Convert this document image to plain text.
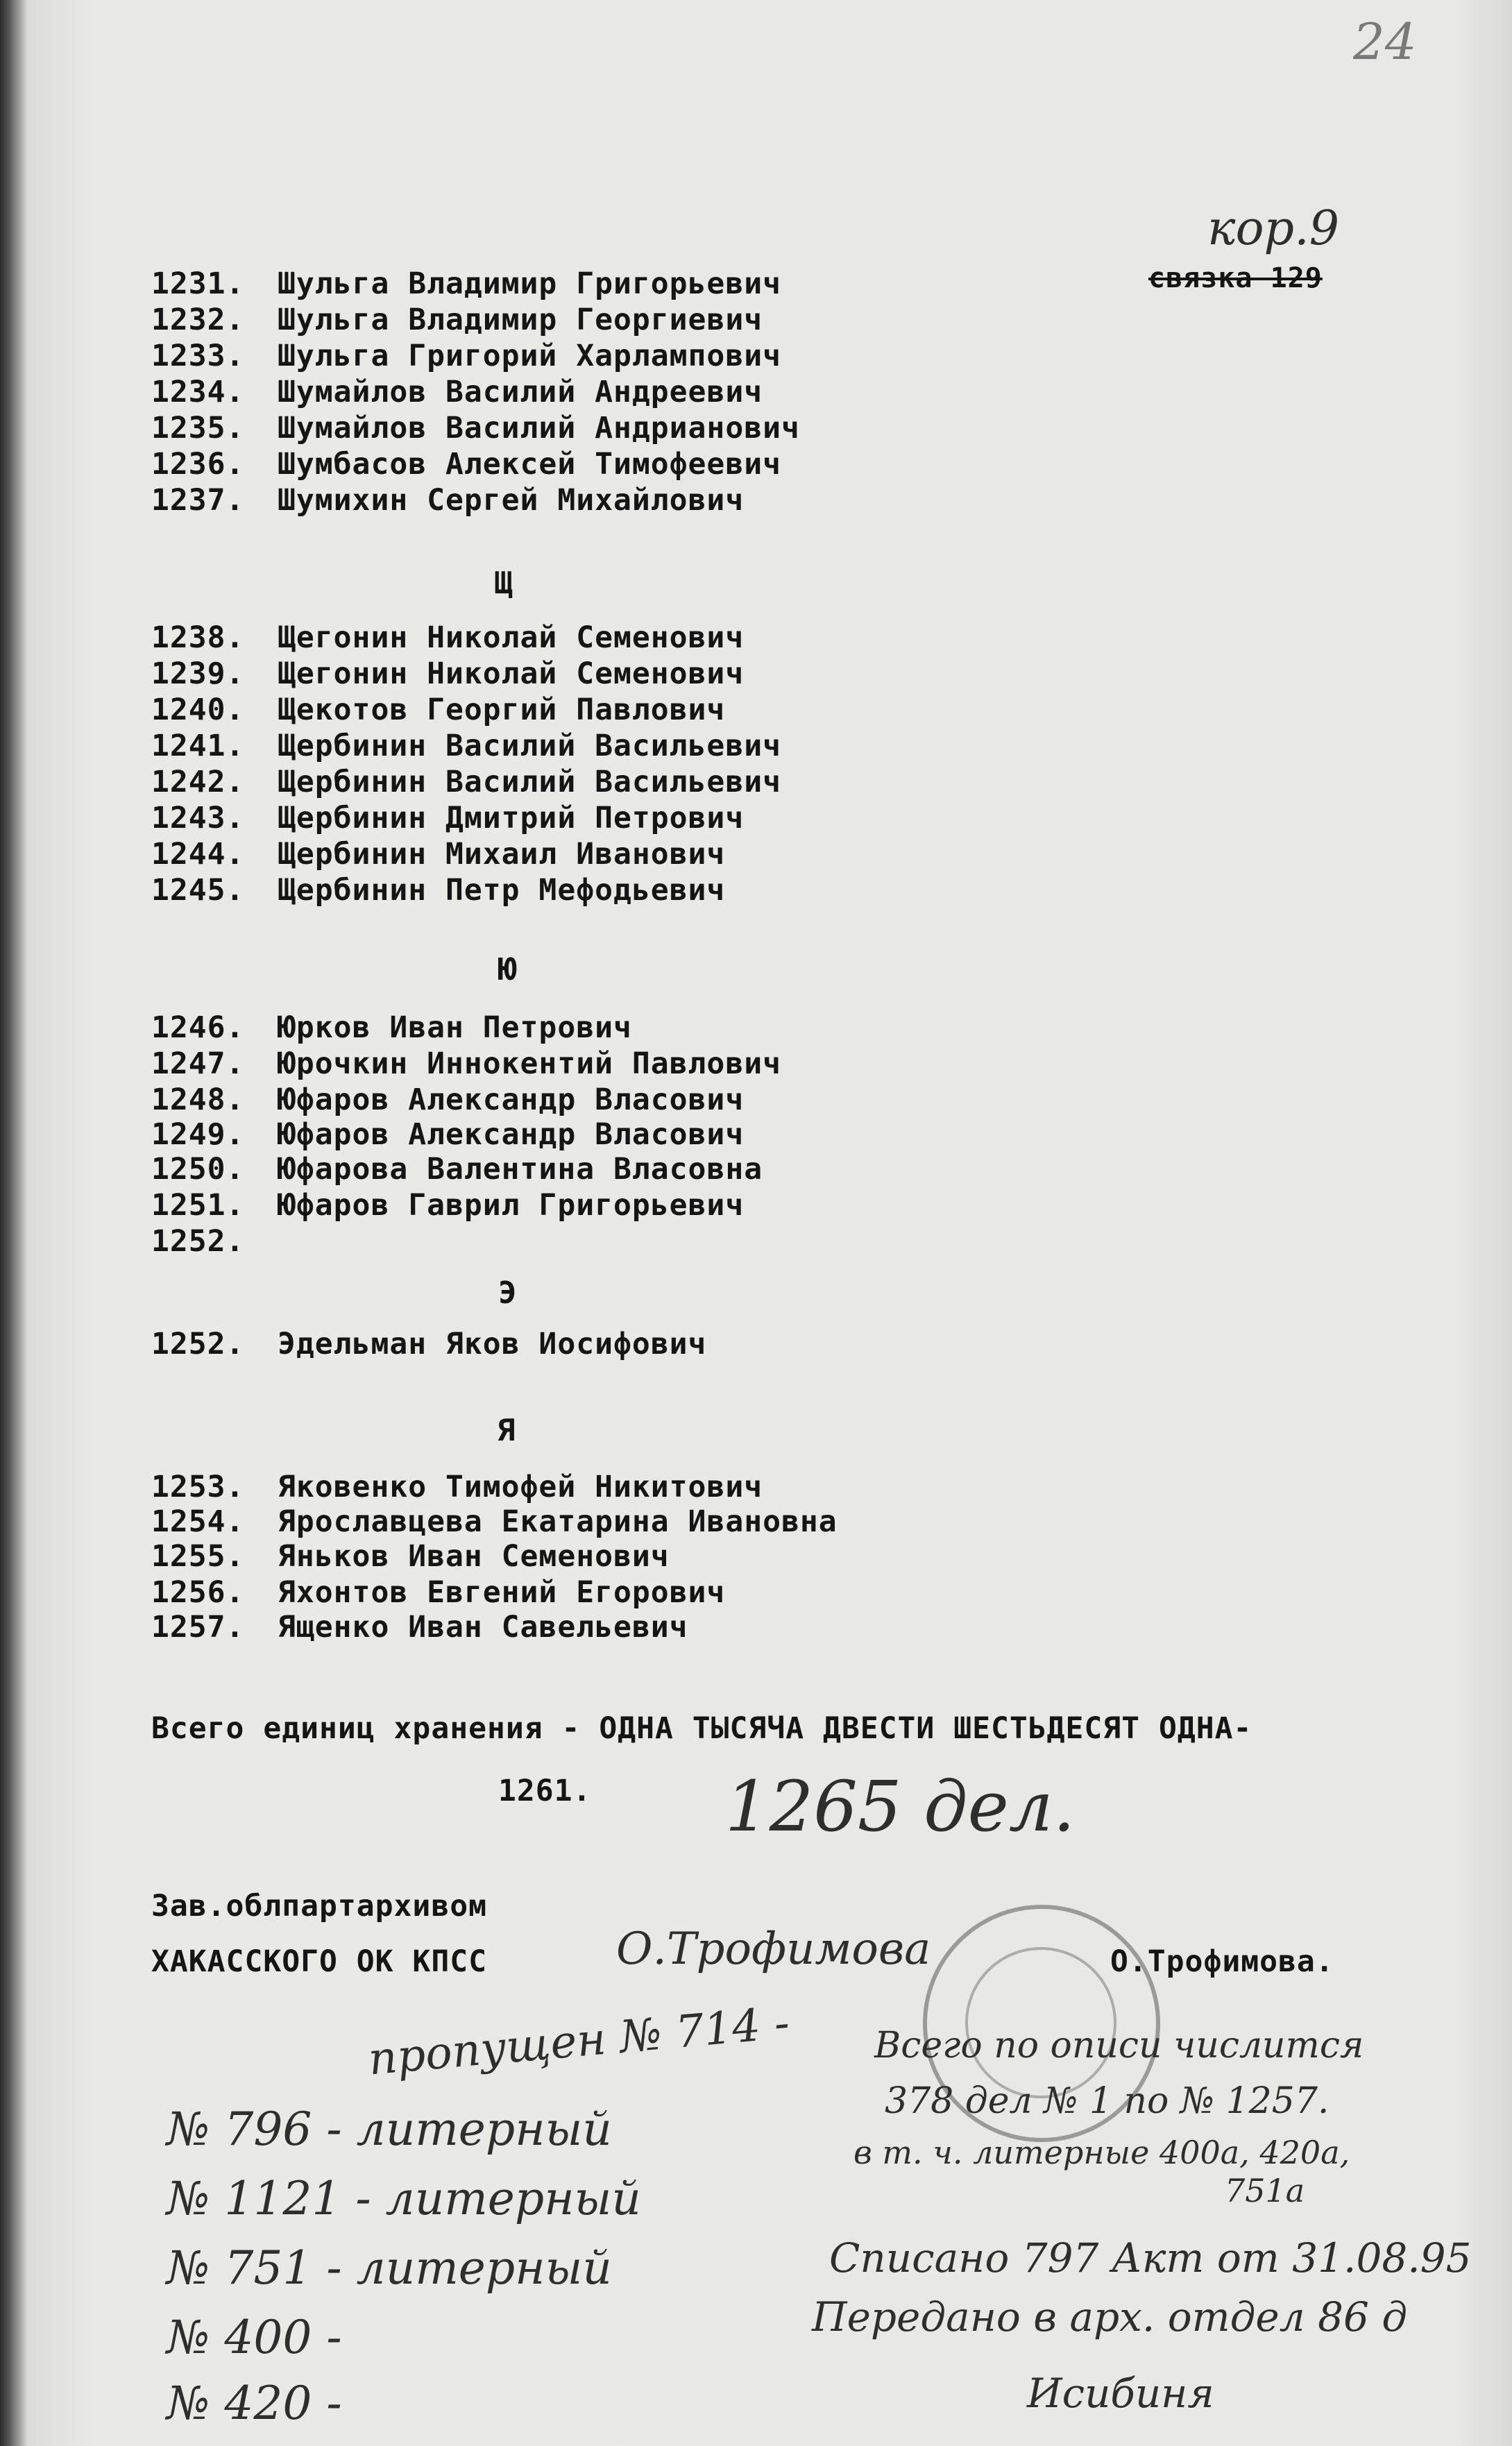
24
кор.9
связка 129
1231. Шульга Владимир Григорьевич
1232. Шульга Владимир Георгиевич
1233. Шульга Григорий Харлампович
1234. Шумайлов Василий Андреевич
1235. Шумайлов Василий Андрианович
1236. Шумбасов Алексей Тимофеевич
1237. Шумихин Сергей Михайлович
Щ
1238. Щегонин Николай Семенович
1239. Щегонин Николай Семенович
1240. Щекотов Георгий Павлович
1241. Щербинин Василий Васильевич
1242. Щербинин Василий Васильевич
1243. Щербинин Дмитрий Петрович
1244. Щербинин Михаил Иванович
1245. Щербинин Петр Мефодьевич
Ю
1246. Юрков Иван Петрович
1247. Юрочкин Иннокентий Павлович
1248. Юфаров Александр Власович
1249. Юфаров Александр Власович
1250. Юфарова Валентина Власовна
1251. Юфаров Гаврил Григорьевич
1252.
Э
1252. Эдельман Яков Иосифович
Я
1253. Яковенко Тимофей Никитович
1254. Ярославцева Екатарина Ивановна
1255. Яньков Иван Семенович
1256. Яхонтов Евгений Егорович
1257. Ященко Иван Савельевич
Всего единиц хранения - ОДНА ТЫСЯЧА ДВЕСТИ ШЕСТЬДЕСЯТ ОДНА-
1261. 1265 дел.
Зав.облпартархивом
ХАКАССКОГО ОК КПСС	О.Трофимова	О.Трофимова.
пропущен № 714 -
№ 796 - литерный
№ 1121 - литерный
№ 751 - литерный
№ 400 -
№ 420 -
Всего по описи числится
378 дел № 1 по № 1257.
в т. ч. литерные 400а, 420а,
751а
Списано 797 Акт от 31.08.95
Передано в арх. отдел 86 д
Исибиня
